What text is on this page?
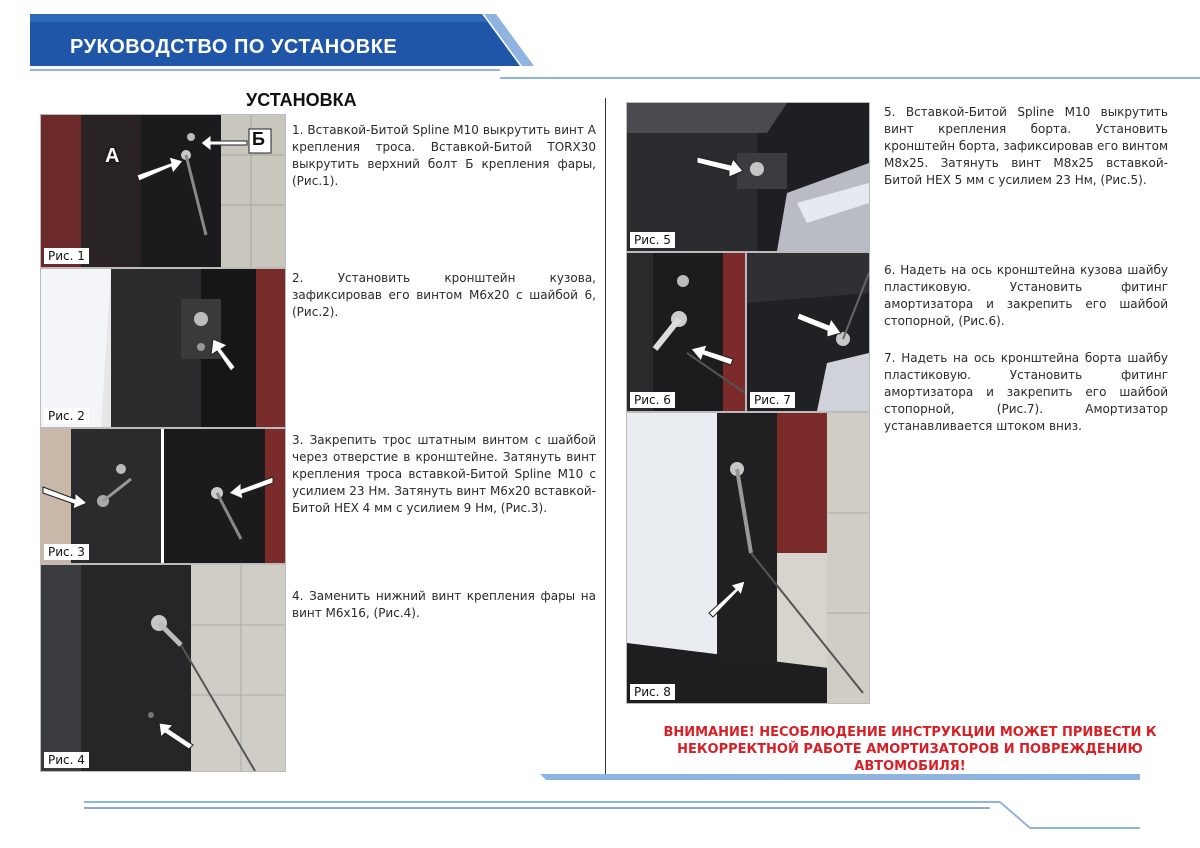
РУКОВОДСТВО ПО УСТАНОВКЕ
УСТАНОВКА
А
Б
Рис. 1
Рис. 2
Рис. 3
Рис. 4
1. Вставкой-Битой Spline M10 выкрутить винт А крепления троса. Вставкой-Битой TORX30 выкрутить верхний болт Б крепления фары, (Рис.1).
2. Установить кронштейн кузова, зафиксировав его винтом М6х20 с шайбой 6, (Рис.2).
3. Закрепить трос штатным винтом с шайбой через отверстие в кронштейне. Затянуть винт крепления троса вставкой-Битой Spline M10 с усилием 23 Нм. Затянуть винт М6х20 вставкой-Битой HEX 4 мм с усилием 9 Нм, (Рис.3).
4. Заменить нижний винт крепления фары на винт М6х16, (Рис.4).
Рис. 5
Рис. 6	Рис. 7
Рис. 8
5. Вставкой-Битой Spline M10 выкрутить винт крепления борта. Установить кронштейн борта, зафиксировав его винтом М8х25. Затянуть винт М8х25 вставкой-Битой HEX 5 мм с усилием 23 Нм, (Рис.5).
6. Надеть на ось кронштейна кузова шайбу пластиковую. Установить фитинг амортизатора и закрепить его шайбой стопорной, (Рис.6).
7. Надеть на ось кронштейна борта шайбу пластиковую. Установить фитинг амортизатора и закрепить его шайбой стопорной, (Рис.7). Амортизатор устанавливается штоком вниз.
ВНИМАНИЕ! НЕСОБЛЮДЕНИЕ ИНСТРУКЦИИ МОЖЕТ ПРИВЕСТИ К НЕКОРРЕКТНОЙ РАБОТЕ АМОРТИЗАТОРОВ И ПОВРЕЖДЕНИЮ АВТОМОБИЛЯ!
